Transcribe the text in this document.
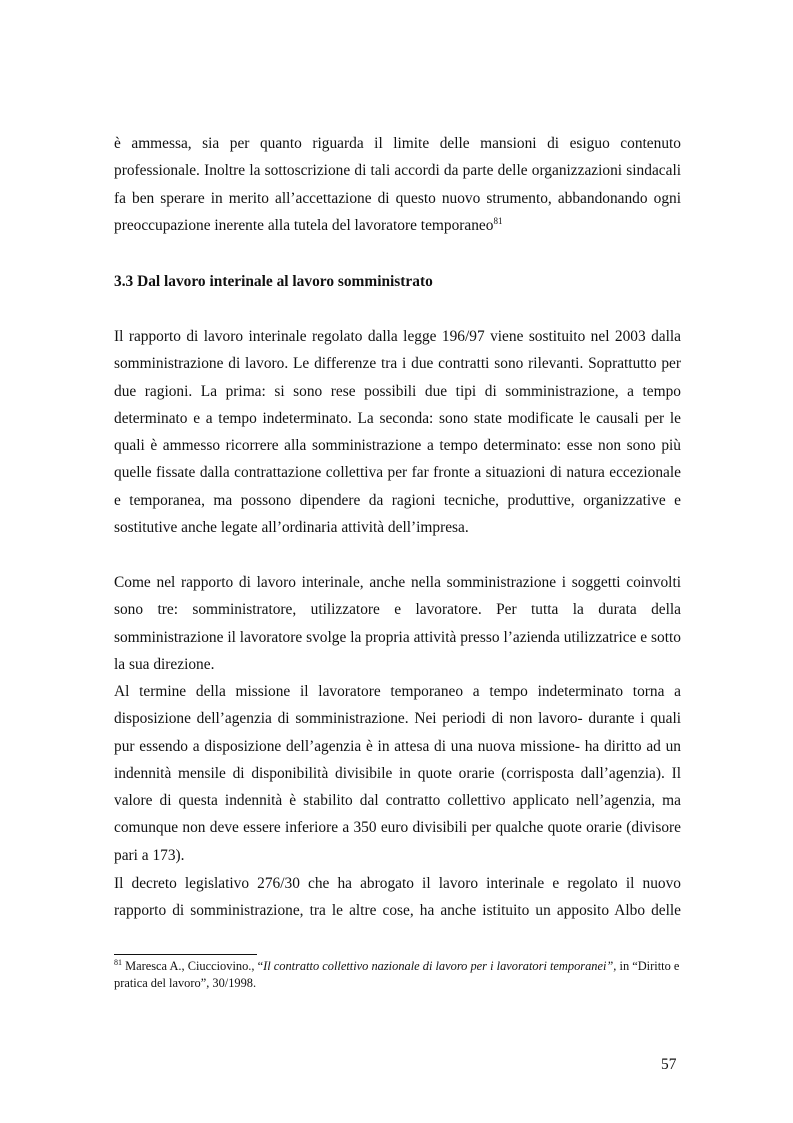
è ammessa, sia per quanto riguarda il limite delle mansioni di esiguo contenuto professionale. Inoltre la sottoscrizione di tali accordi da parte delle organizzazioni sindacali fa ben sperare in merito all’accettazione di questo nuovo strumento, abbandonando ogni preoccupazione inerente alla tutela del lavoratore temporaneo$^{81}$

3.3 Dal lavoro interinale al lavoro somministrato

Il rapporto di lavoro interinale regolato dalla legge 196/97 viene sostituito nel 2003 dalla somministrazione di lavoro. Le differenze tra i due contratti sono rilevanti. Soprattutto per due ragioni. La prima: si sono rese possibili due tipi di somministrazione, a tempo determinato e a tempo indeterminato. La seconda: sono state modificate le causali per le quali è ammesso ricorrere alla somministrazione a tempo determinato: esse non sono più quelle fissate dalla contrattazione collettiva per far fronte a situazioni di natura eccezionale e temporanea, ma possono dipendere da ragioni tecniche, produttive, organizzative e sostitutive anche legate all’ordinaria attività dell’impresa.

Come nel rapporto di lavoro interinale, anche nella somministrazione i soggetti coinvolti sono tre: somministratore, utilizzatore e lavoratore. Per tutta la durata della somministrazione il lavoratore svolge la propria attività presso l’azienda utilizzatrice e sotto la sua direzione.

Al termine della missione il lavoratore temporaneo a tempo indeterminato torna a disposizione dell’agenzia di somministrazione. Nei periodi di non lavoro- durante i quali pur essendo a disposizione dell’agenzia è in attesa di una nuova missione- ha diritto ad un indennità mensile di disponibilità divisibile in quote orarie (corrisposta dall’agenzia). Il valore di questa indennità è stabilito dal contratto collettivo applicato nell’agenzia, ma comunque non deve essere inferiore a 350 euro divisibili per qualche quote orarie (divisore pari a 173).

Il decreto legislativo 276/30 che ha abrogato il lavoro interinale e regolato il nuovo rapporto di somministrazione, tra le altre cose, ha anche istituito un apposito Albo delle

$^{81}$ Maresca A., Ciucciovino., “Il contratto collettivo nazionale di lavoro per i lavoratori temporanei”, in “Diritto e pratica del lavoro”, 30/1998.

57
